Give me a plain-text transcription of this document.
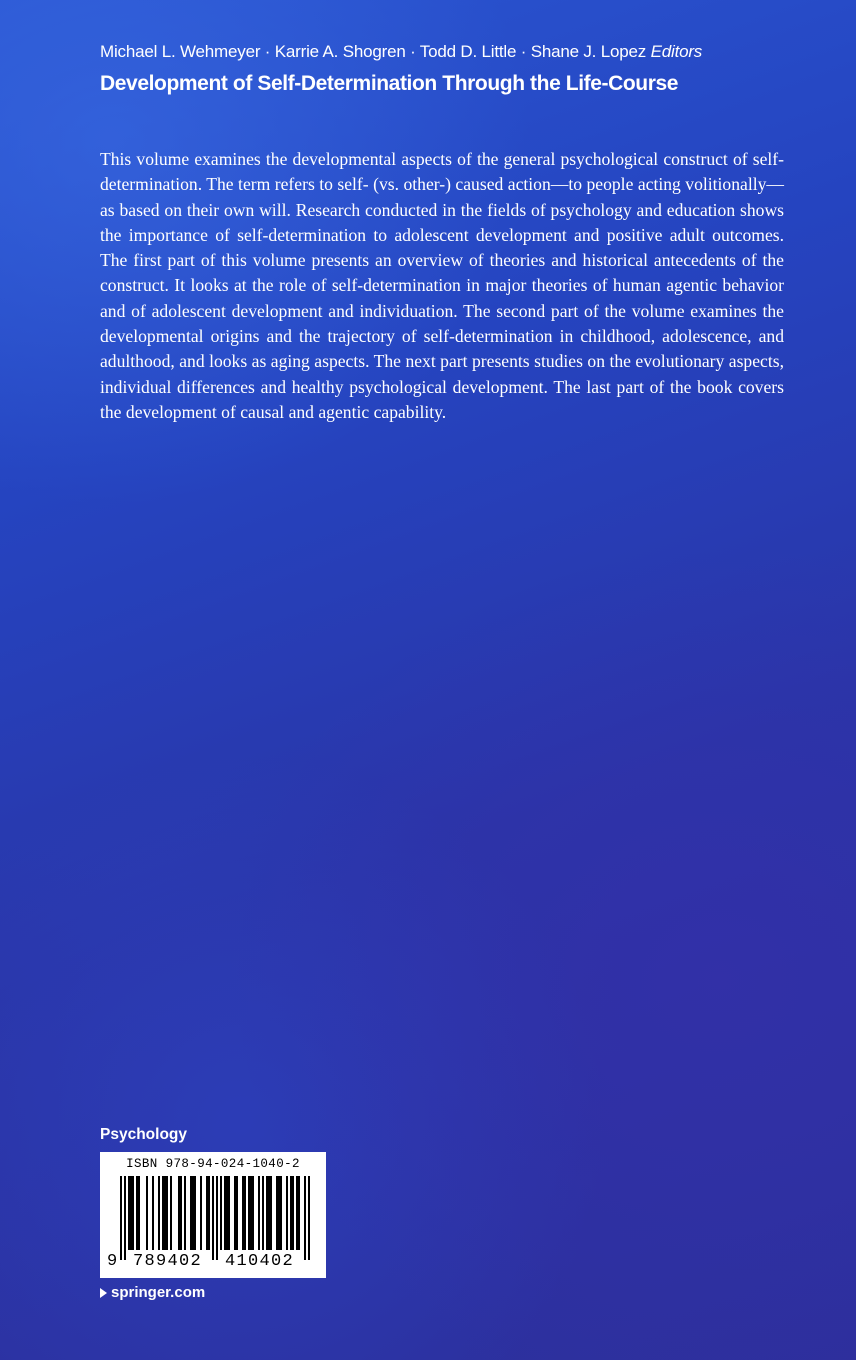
Michael L. Wehmeyer · Karrie A. Shogren · Todd D. Little · Shane J. Lopez Editors
Development of Self-Determination Through the Life-Course

This volume examines the developmental aspects of the general psychological construct of self-determination. The term refers to self- (vs. other-) caused action—to people acting volitionally—as based on their own will. Research conducted in the fields of psychology and education shows the importance of self-determination to adolescent development and positive adult outcomes. The first part of this volume presents an overview of theories and historical antecedents of the construct. It looks at the role of self-determination in major theories of human agentic behavior and of adolescent development and individuation. The second part of the volume examines the developmental origins and the trajectory of self-determination in childhood, adolescence, and adulthood, and looks as aging aspects. The next part presents studies on the evolutionary aspects, individual differences and healthy psychological development. The last part of the book covers the development of causal and agentic capability.

Psychology
ISBN 978-94-024-1040-2
9 789402 410402
springer.com
